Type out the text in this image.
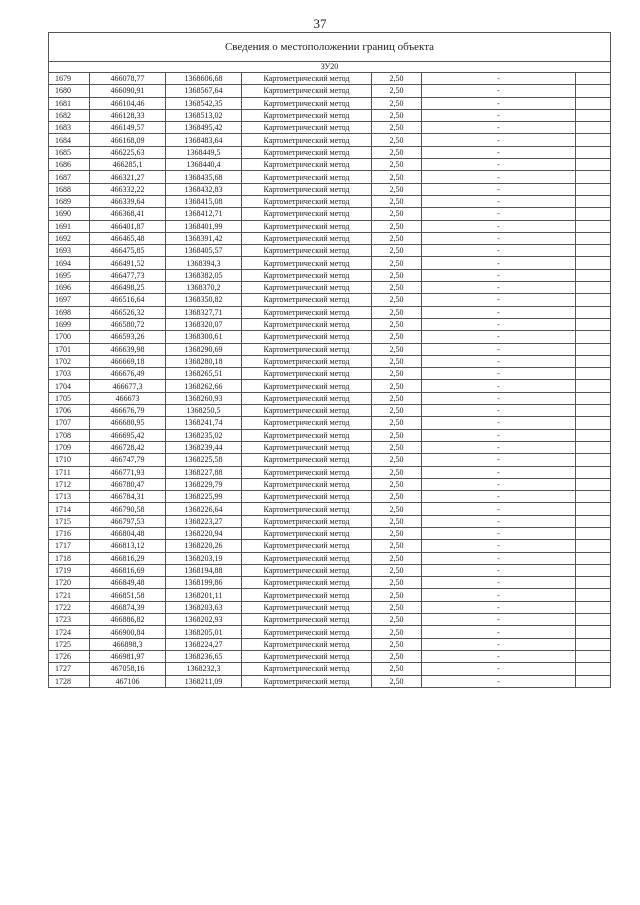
37
Сведения о местоположении границ объекта						
ЗУ20						
1679	466078,77	1368606,68	Картометрический метод	2,50	-	
1680	466090,91	1368567,64	Картометрический метод	2,50	-	
1681	466104,46	1368542,35	Картометрический метод	2,50	-	
1682	466128,33	1368513,02	Картометрический метод	2,50	-	
1683	466149,57	1368495,42	Картометрический метод	2,50	-	
1684	466168,09	1368483,64	Картометрический метод	2,50	-	
1685	466225,63	1368449,5	Картометрический метод	2,50	-	
1686	466285,1	1368440,4	Картометрический метод	2,50	-	
1687	466321,27	1368435,68	Картометрический метод	2,50	-	
1688	466332,22	1368432,83	Картометрический метод	2,50	-	
1689	466339,64	1368415,08	Картометрический метод	2,50	-	
1690	466368,41	1368412,71	Картометрический метод	2,50	-	
1691	466401,87	1368401,99	Картометрический метод	2,50	-	
1692	466465,48	1368391,42	Картометрический метод	2,50	-	
1693	466475,85	1368405,57	Картометрический метод	2,50	-	
1694	466491,52	1368394,3	Картометрический метод	2,50	-	
1695	466477,73	1368382,05	Картометрический метод	2,50	-	
1696	466498,25	1368370,2	Картометрический метод	2,50	-	
1697	466516,64	1368350,82	Картометрический метод	2,50	-	
1698	466526,32	1368327,71	Картометрический метод	2,50	-	
1699	466580,72	1368320,07	Картометрический метод	2,50	-	
1700	466593,26	1368300,61	Картометрический метод	2,50	-	
1701	466639,98	1368290,69	Картометрический метод	2,50	-	
1702	466669,18	1368280,18	Картометрический метод	2,50	-	
1703	466676,49	1368265,51	Картометрический метод	2,50	-	
1704	466677,3	1368262,66	Картометрический метод	2,50	-	
1705	466673	1368260,93	Картометрический метод	2,50	-	
1706	466676,79	1368250,5	Картометрический метод	2,50	-	
1707	466680,95	1368241,74	Картометрический метод	2,50	-	
1708	466695,42	1368235,02	Картометрический метод	2,50	-	
1709	466728,42	1368239,44	Картометрический метод	2,50	-	
1710	466747,79	1368225,58	Картометрический метод	2,50	-	
1711	466771,93	1368227,88	Картометрический метод	2,50	-	
1712	466780,47	1368229,79	Картометрический метод	2,50	-	
1713	466784,31	1368225,99	Картометрический метод	2,50	-	
1714	466790,58	1368226,64	Картометрический метод	2,50	-	
1715	466797,53	1368223,27	Картометрический метод	2,50	-	
1716	466804,48	1368220,94	Картометрический метод	2,50	-	
1717	466813,12	1368220,26	Картометрический метод	2,50	-	
1718	466816,29	1368203,19	Картометрический метод	2,50	-	
1719	466816,69	1368194,88	Картометрический метод	2,50	-	
1720	466849,48	1368199,86	Картометрический метод	2,50	-	
1721	466851,58	1368201,11	Картометрический метод	2,50	-	
1722	466874,39	1368203,63	Картометрический метод	2,50	-	
1723	466886,82	1368202,93	Картометрический метод	2,50	-	
1724	466900,84	1368205,01	Картометрический метод	2,50	-	
1725	466898,3	1368224,27	Картометрический метод	2,50	-	
1726	466981,97	1368236,65	Картометрический метод	2,50	-	
1727	467058,16	1368232,3	Картометрический метод	2,50	-	
1728	467106	1368211,09	Картометрический метод	2,50	-	
